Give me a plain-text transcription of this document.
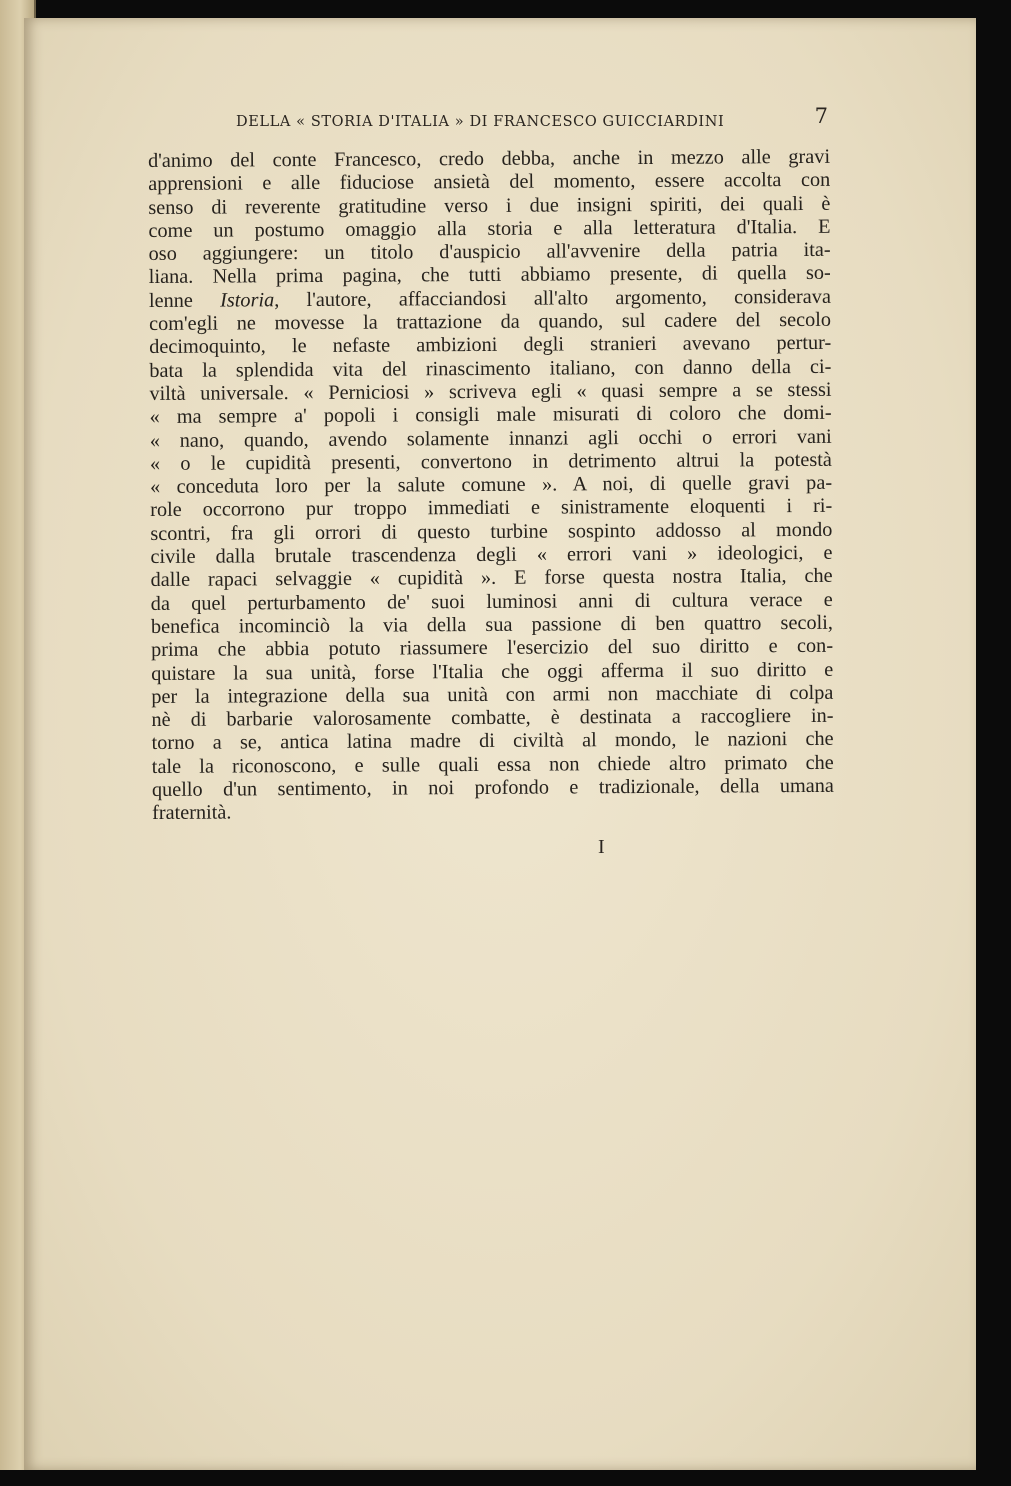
DELLA « STORIA D'ITALIA » DI FRANCESCO GUICCIARDINI	7
d'animo del conte Francesco, credo debba, anche in mezzo alle gravi
apprensioni e alle fiduciose ansietà del momento, essere accolta con
senso di reverente gratitudine verso i due insigni spiriti, dei quali è
come un postumo omaggio alla storia e alla letteratura d'Italia. E
oso aggiungere: un titolo d'auspicio all'avvenire della patria ita-
liana. Nella prima pagina, che tutti abbiamo presente, di quella so-
lenne Istoria, l'autore, affacciandosi all'alto argomento, considerava
com'egli ne movesse la trattazione da quando, sul cadere del secolo
decimoquinto, le nefaste ambizioni degli stranieri avevano pertur-
bata la splendida vita del rinascimento italiano, con danno della ci-
viltà universale. « Perniciosi » scriveva egli « quasi sempre a se stessi
« ma sempre a' popoli i consigli male misurati di coloro che domi-
« nano, quando, avendo solamente innanzi agli occhi o errori vani
« o le cupidità presenti, convertono in detrimento altrui la potestà
« conceduta loro per la salute comune ». A noi, di quelle gravi pa-
role occorrono pur troppo immediati e sinistramente eloquenti i ri-
scontri, fra gli orrori di questo turbine sospinto addosso al mondo
civile dalla brutale trascendenza degli « errori vani » ideologici, e
dalle rapaci selvaggie « cupidità ». E forse questa nostra Italia, che
da quel perturbamento de' suoi luminosi anni di cultura verace e
benefica incominciò la via della sua passione di ben quattro secoli,
prima che abbia potuto riassumere l'esercizio del suo diritto e con-
quistare la sua unità, forse l'Italia che oggi afferma il suo diritto e
per la integrazione della sua unità con armi non macchiate di colpa
nè di barbarie valorosamente combatte, è destinata a raccogliere in-
torno a se, antica latina madre di civiltà al mondo, le nazioni che
tale la riconoscono, e sulle quali essa non chiede altro primato che
quello d'un sentimento, in noi profondo e tradizionale, della umana
fraternità.
I
